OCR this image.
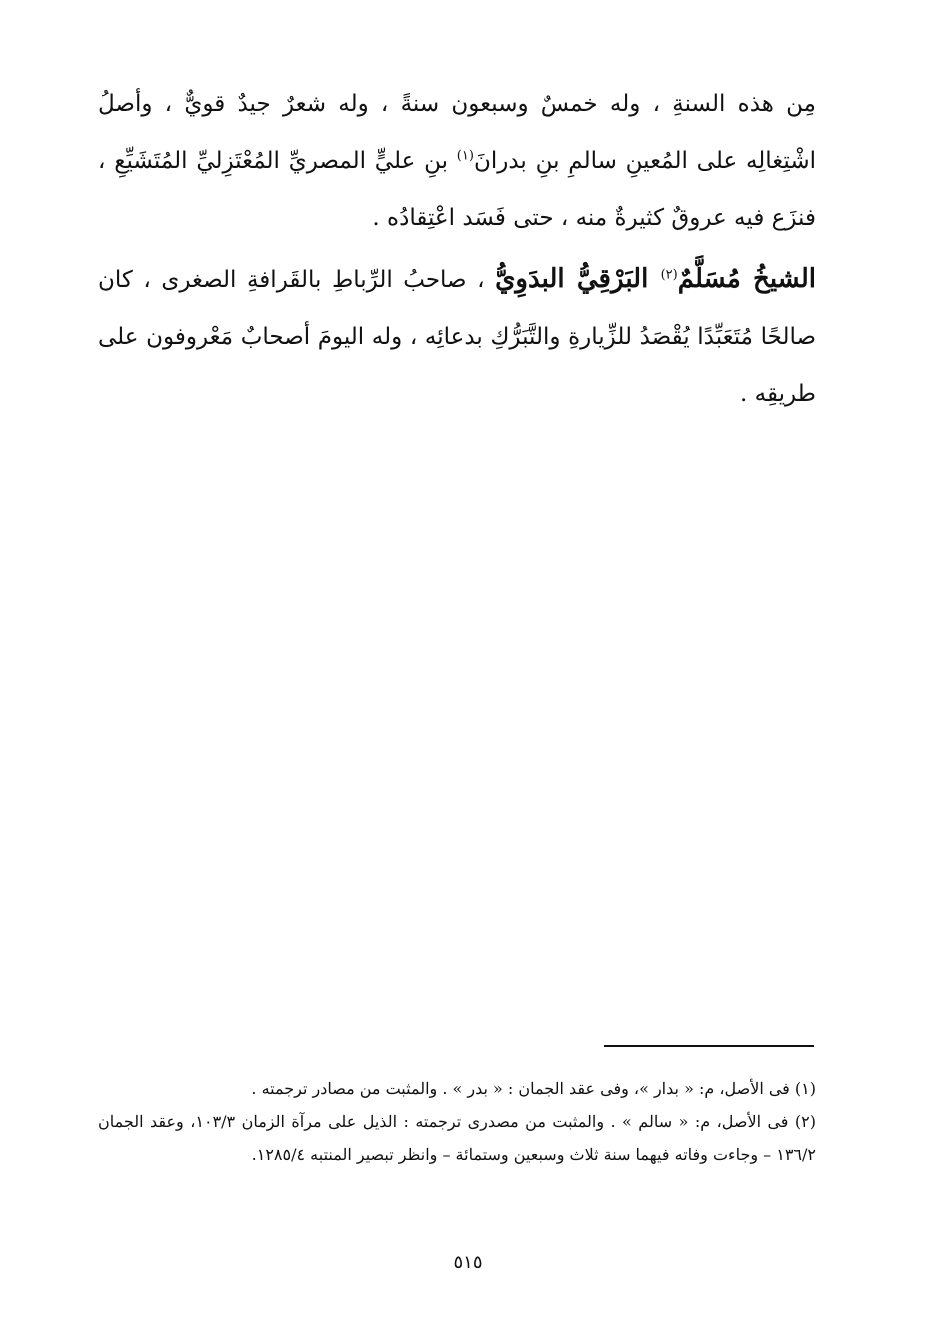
مِن هذه السنةِ ، وله خمسٌ وسبعون سنةً ، وله شعرٌ جيدٌ قويٌّ ، وأصلُ اشْتِغالِه على المُعينِ سالمِ بنِ بدرانَ$^{(١)}$ بنِ عليٍّ المصريِّ المُعْتَزِليِّ المُتَشَيِّعِ ، فنزَع فيه عروقٌ كثيرةٌ منه ، حتى فَسَد اعْتِقادُه .

الشيخُ مُسَلَّمٌ$^{(٢)}$ البَرْقِيُّ البدَوِيُّ ، صاحبُ الرِّباطِ بالقَرافةِ الصغرى ، كان صالحًا مُتَعَبِّدًا يُقْصَدُ للزِّيارةِ والتَّبَرُّكِ بدعائِه ، وله اليومَ أصحابٌ مَعْروفون على طريقِه .

(١) فى الأصل، م: « بدار »، وفى عقد الجمان : « بدر » . والمثبت من مصادر ترجمته .

(٢) فى الأصل، م: « سالم » . والمثبت من مصدرى ترجمته : الذيل على مرآة الزمان ١٠٣/٣، وعقد الجمان ١٣٦/٢ – وجاءت وفاته فيهما سنة ثلاث وسبعين وستمائة – وانظر تبصير المنتبه ١٢٨٥/٤.

٥١٥
